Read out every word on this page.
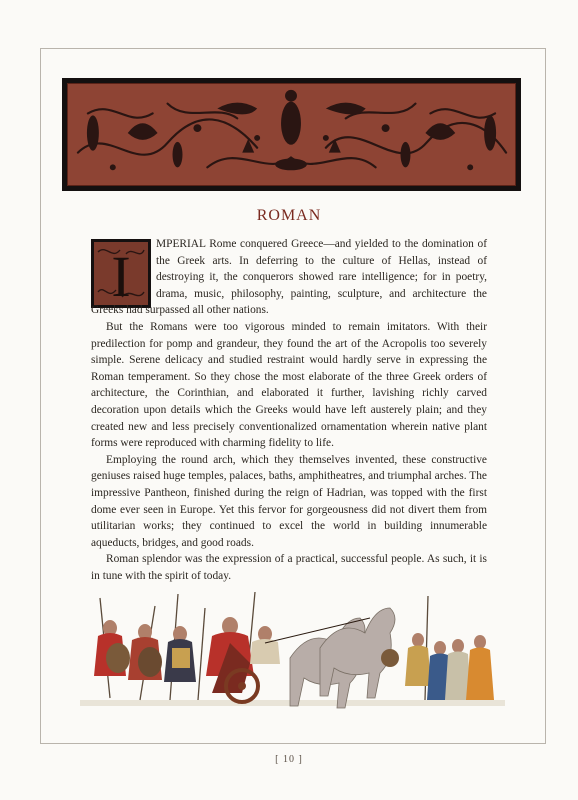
ROMAN
I	MPERIAL Rome conquered Greece—and yielded to the domination of the Greek arts. In deferring to the culture of Hellas, instead of destroying it, the conquerors showed rare intelligence; for in poetry, drama, music, philosophy, painting, sculpture, and architecture the Greeks had surpassed all other nations.

But the Romans were too vigorous minded to remain imitators. With their predilection for pomp and grandeur, they found the art of the Acropolis too severely simple. Serene delicacy and studied restraint would hardly serve in expressing the Roman temperament. So they chose the most elaborate of the three Greek orders of architecture, the Corinthian, and elaborated it further, lavishing richly carved decoration upon details which the Greeks would have left austerely plain; and they created new and less precisely conventionalized ornamentation wherein native plant forms were reproduced with charming fidelity to life.

Employing the round arch, which they themselves invented, these constructive geniuses raised huge temples, palaces, baths, amphitheatres, and triumphal arches. The impressive Pantheon, finished during the reign of Hadrian, was topped with the first dome ever seen in Europe. Yet this fervor for gorgeousness did not divert them from utilitarian works; they continued to excel the world in building innumerable aqueducts, bridges, and good roads.

Roman splendor was the expression of a practical, successful people. As such, it is in tune with the spirit of today.

[ 10 ]
